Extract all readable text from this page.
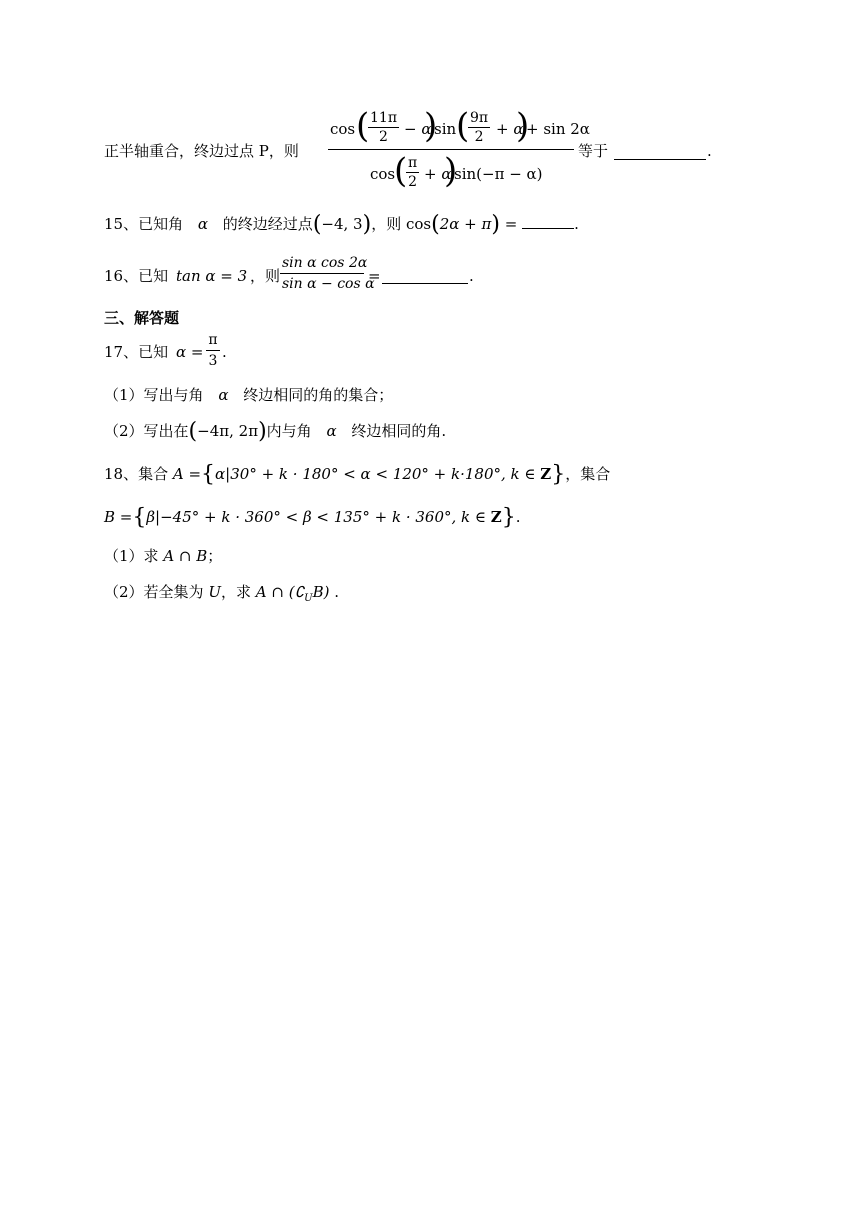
正半轴重合，终边过点 P，则
cos (
$\frac{11\pi}{2} - \alpha$
)
sin (
$\frac{9\pi}{2} + \alpha$
)
+ sin 2α
cos
(
$\frac{\pi}{2} + \alpha$
)
sin(−π − α)
等于	.
15、已知角 α 的终边经过点(−4, 3)，则 cos(2α + π) =	.
16、已知 tan α = 3 ，则 $\frac{\text{sin α cos 2α}}{\text{sin α − cos α}}$ =	.
三、解答题
17、已知 $\alpha = \frac{\pi}{3}$ .
（1）写出与角 α 终边相同的角的集合；
（2）写出在(−4π, 2π)内与角 α 终边相同的角.
18、集合 A ={α|30° + k · 180° < α < 120° + k·180°, k ∈ Z}，集合
B ={β|−45° + k · 360° < β < 135° + k · 360°, k ∈ Z}.
（1）求 A ∩ B；
（2）若全集为 U，求 A ∩ $(∁_UB)$ .
